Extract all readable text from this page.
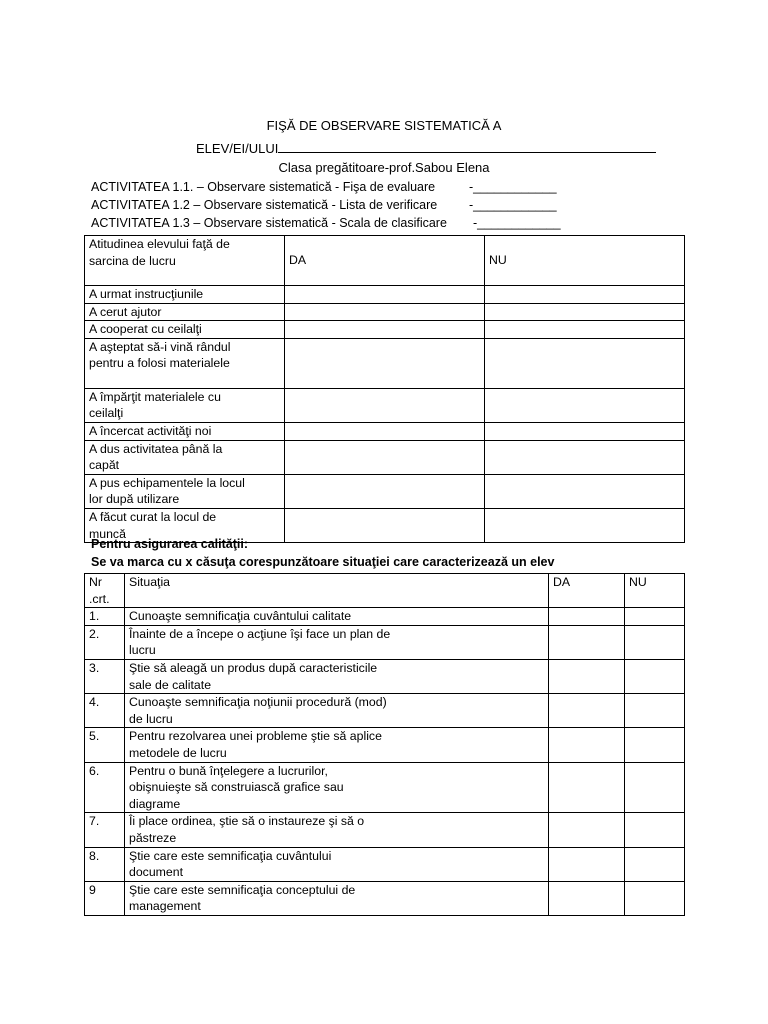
FIŞĂ DE OBSERVARE SISTEMATICĂ A
ELEV/EI/ULUI
Clasa pregătitoare-prof.Sabou Elena
ACTIVITATEA 1.1. – Observare sistematică - Fişa de evaluare	-____________
ACTIVITATEA 1.2 – Observare sistematică - Lista de verificare	-____________
ACTIVITATEA 1.3 – Observare sistematică - Scala de clasificare -____________
Atitudinea elevului faţă de sarcina de lucru	DA	NU
A urmat instrucţiunile		
A cerut ajutor		
A cooperat cu ceilalţi		
A aşteptat să-i vină rândul pentru a folosi materialele		
A împărţit materialele cu ceilalţi		
A încercat activităţi noi		
A dus activitatea până la capăt		
A pus echipamentele la locul lor după utilizare		
A făcut curat la locul de muncă		
Pentru asigurarea calităţii:
Se va marca cu x căsuţa corespunzătoare situaţiei care caracterizează un elev
Nr .crt.	Situaţia	DA	NU
1.	Cunoaşte semnificaţia cuvântului calitate		
2.	Înainte de a începe o acţiune îşi face un plan de lucru		
3.	Ştie să aleagă un produs după caracteristicile sale de calitate		
4.	Cunoaşte semnificaţia noţiunii procedură (mod) de lucru		
5.	Pentru rezolvarea unei probleme ştie să aplice metodele de lucru		
6.	Pentru o bună înţelegere a lucrurilor, obişnuieşte să construiască grafice sau diagrame		
7.	Îi place ordinea, ştie să o instaureze şi să o păstreze		
8.	Ştie care este semnificaţia cuvântului document		
9	Ştie care este semnificaţia conceptului de management		
